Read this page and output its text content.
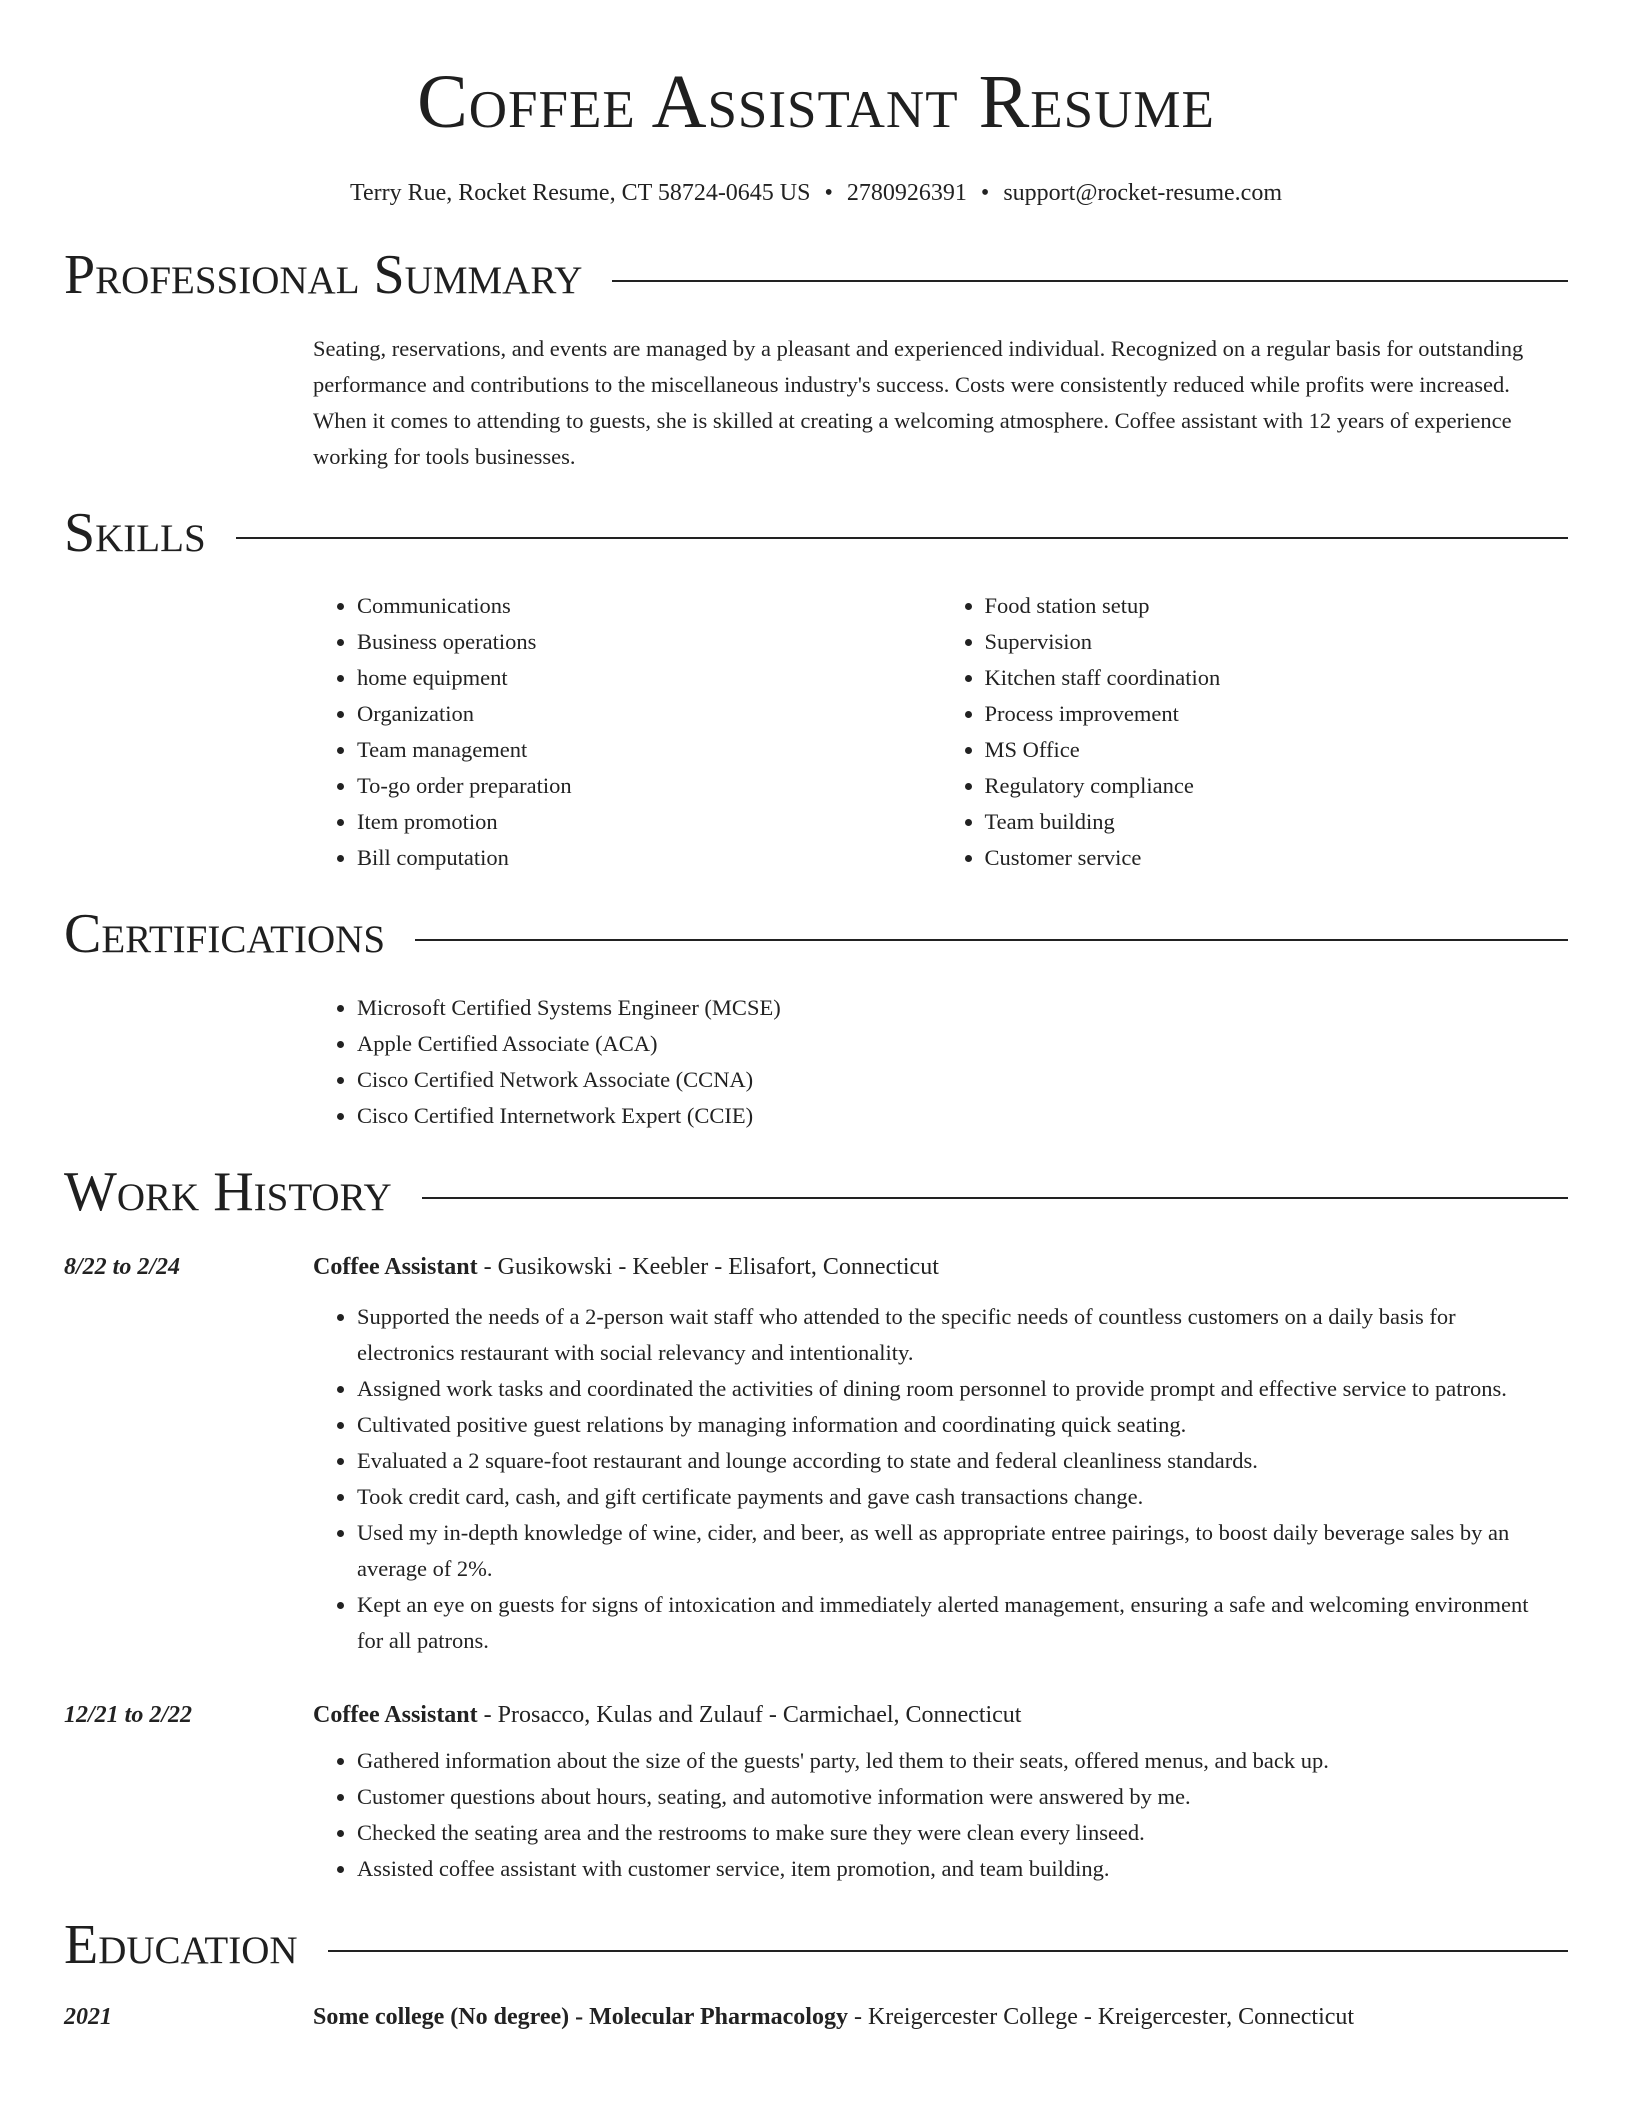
Coffee Assistant Resume
Terry Rue, Rocket Resume, CT 58724-0645 US • 2780926391 • support@rocket-resume.com
Professional Summary
Seating, reservations, and events are managed by a pleasant and experienced individual. Recognized on a regular basis for outstanding performance and contributions to the miscellaneous industry's success. Costs were consistently reduced while profits were increased. When it comes to attending to guests, she is skilled at creating a welcoming atmosphere. Coffee assistant with 12 years of experience working for tools businesses.
Skills
• Communications
• Business operations
• home equipment
• Organization
• Team management
• To-go order preparation
• Item promotion
• Bill computation
• Food station setup
• Supervision
• Kitchen staff coordination
• Process improvement
• MS Office
• Regulatory compliance
• Team building
• Customer service
Certifications
• Microsoft Certified Systems Engineer (MCSE)
• Apple Certified Associate (ACA)
• Cisco Certified Network Associate (CCNA)
• Cisco Certified Internetwork Expert (CCIE)
Work History
8/22 to 2/24	Coffee Assistant - Gusikowski - Keebler - Elisafort, Connecticut
• Supported the needs of a 2-person wait staff who attended to the specific needs of countless customers on a daily basis for electronics restaurant with social relevancy and intentionality.
• Assigned work tasks and coordinated the activities of dining room personnel to provide prompt and effective service to patrons.
• Cultivated positive guest relations by managing information and coordinating quick seating.
• Evaluated a 2 square-foot restaurant and lounge according to state and federal cleanliness standards.
• Took credit card, cash, and gift certificate payments and gave cash transactions change.
• Used my in-depth knowledge of wine, cider, and beer, as well as appropriate entree pairings, to boost daily beverage sales by an average of 2%.
• Kept an eye on guests for signs of intoxication and immediately alerted management, ensuring a safe and welcoming environment for all patrons.
12/21 to 2/22	Coffee Assistant - Prosacco, Kulas and Zulauf - Carmichael, Connecticut
• Gathered information about the size of the guests' party, led them to their seats, offered menus, and back up.
• Customer questions about hours, seating, and automotive information were answered by me.
• Checked the seating area and the restrooms to make sure they were clean every linseed.
• Assisted coffee assistant with customer service, item promotion, and team building.
Education
2021	Some college (No degree) - Molecular Pharmacology - Kreigercester College - Kreigercester, Connecticut
